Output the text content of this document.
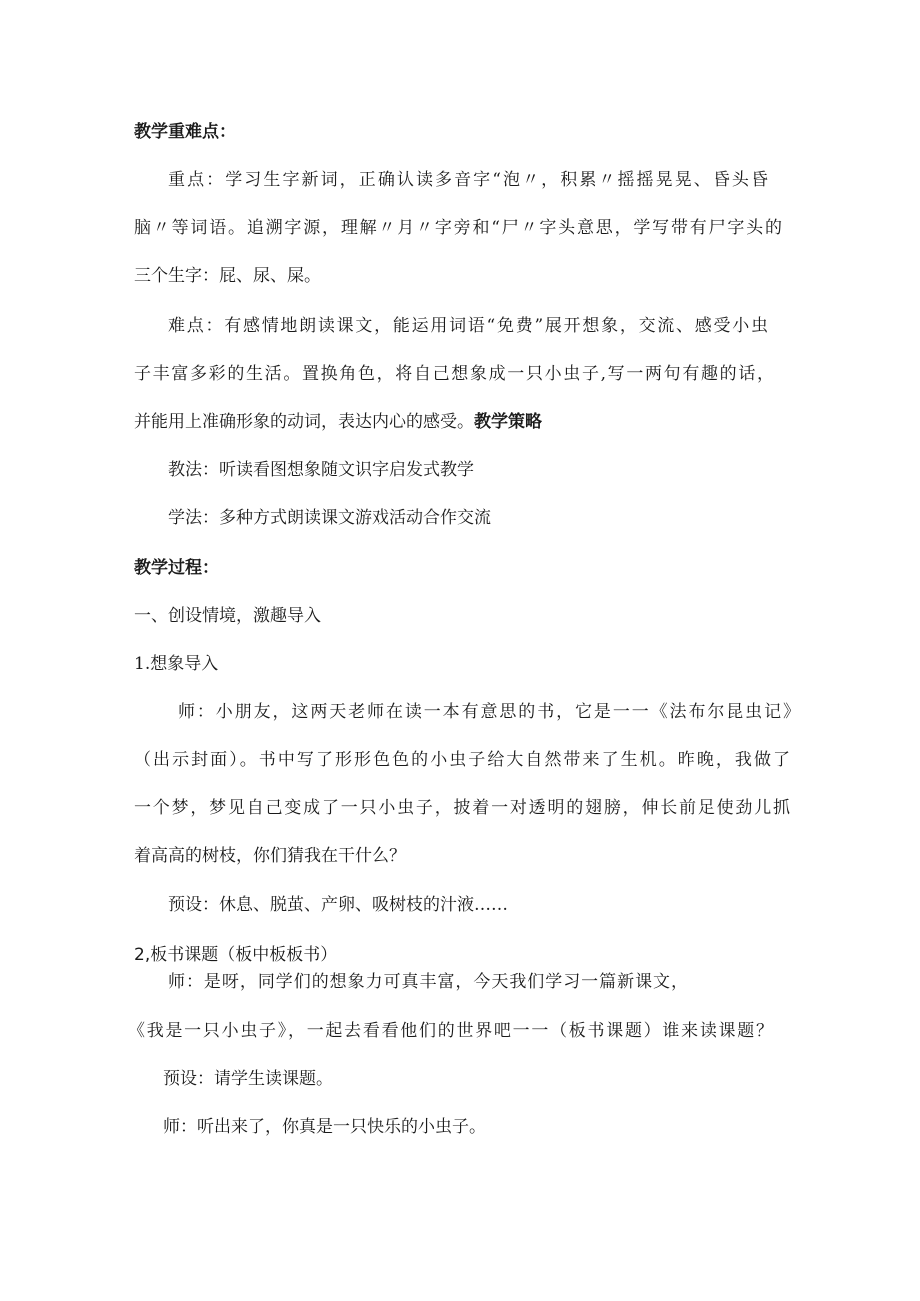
教学重难点：
重点：学习生字新词，正确认读多音字“泡〃，积累〃摇摇晃晃、昏头昏
脑〃等词语。追溯字源，理解〃月〃字旁和“尸〃字头意思，学写带有尸字头的
三个生字：屁、尿、屎。
难点：有感情地朗读课文，能运用词语“免费”展开想象，交流、感受小虫
子丰富多彩的生活。置换角色，将自己想象成一只小虫子,写一两句有趣的话，
并能用上准确形象的动词，表达内心的感受。教学策略
教法：听读看图想象随文识字启发式教学
学法：多种方式朗读课文游戏活动合作交流
教学过程：
一、创设情境，激趣导入
1.想象导入
师：小朋友，这两天老师在读一本有意思的书，它是一一《法布尔昆虫记》
（出示封面）。书中写了形形色色的小虫子给大自然带来了生机。昨晚，我做了
一个梦，梦见自己变成了一只小虫子，披着一对透明的翅膀，伸长前足使劲儿抓
着高高的树枝，你们猜我在干什么？
预设：休息、脱茧、产卵、吸树枝的汁液……
2,板书课题（板中板板书）
师：是呀，同学们的想象力可真丰富，今天我们学习一篇新课文，
《我是一只小虫子》，一起去看看他们的世界吧一一（板书课题）谁来读课题？
预设：请学生读课题。
师：听出来了，你真是一只快乐的小虫子。
